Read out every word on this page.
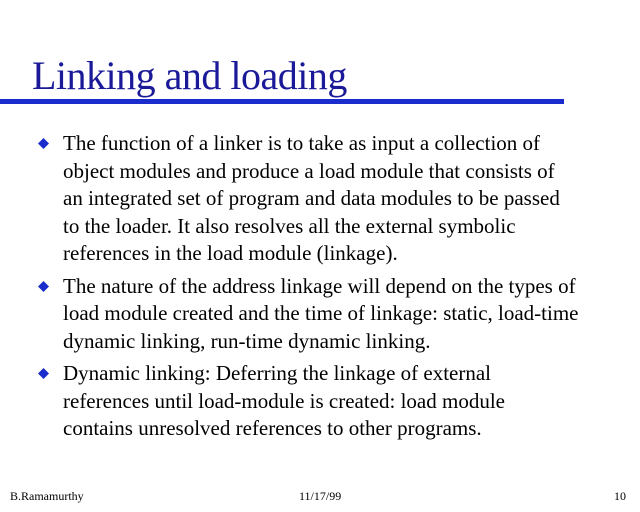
Linking and loading
The function of a linker is to take as input a collection of
object modules and produce a load module that consists of
an integrated set of program and data modules to be passed
to the loader. It also resolves all the external symbolic
references in the load module (linkage).
The nature of the address linkage will depend on the types of
load module created and the time of linkage: static, load-time
dynamic linking, run-time dynamic linking.
Dynamic linking: Deferring the linkage of external
references until load-module is created: load module
contains unresolved references to other programs.
B.Ramamurthy	11/17/99	10
